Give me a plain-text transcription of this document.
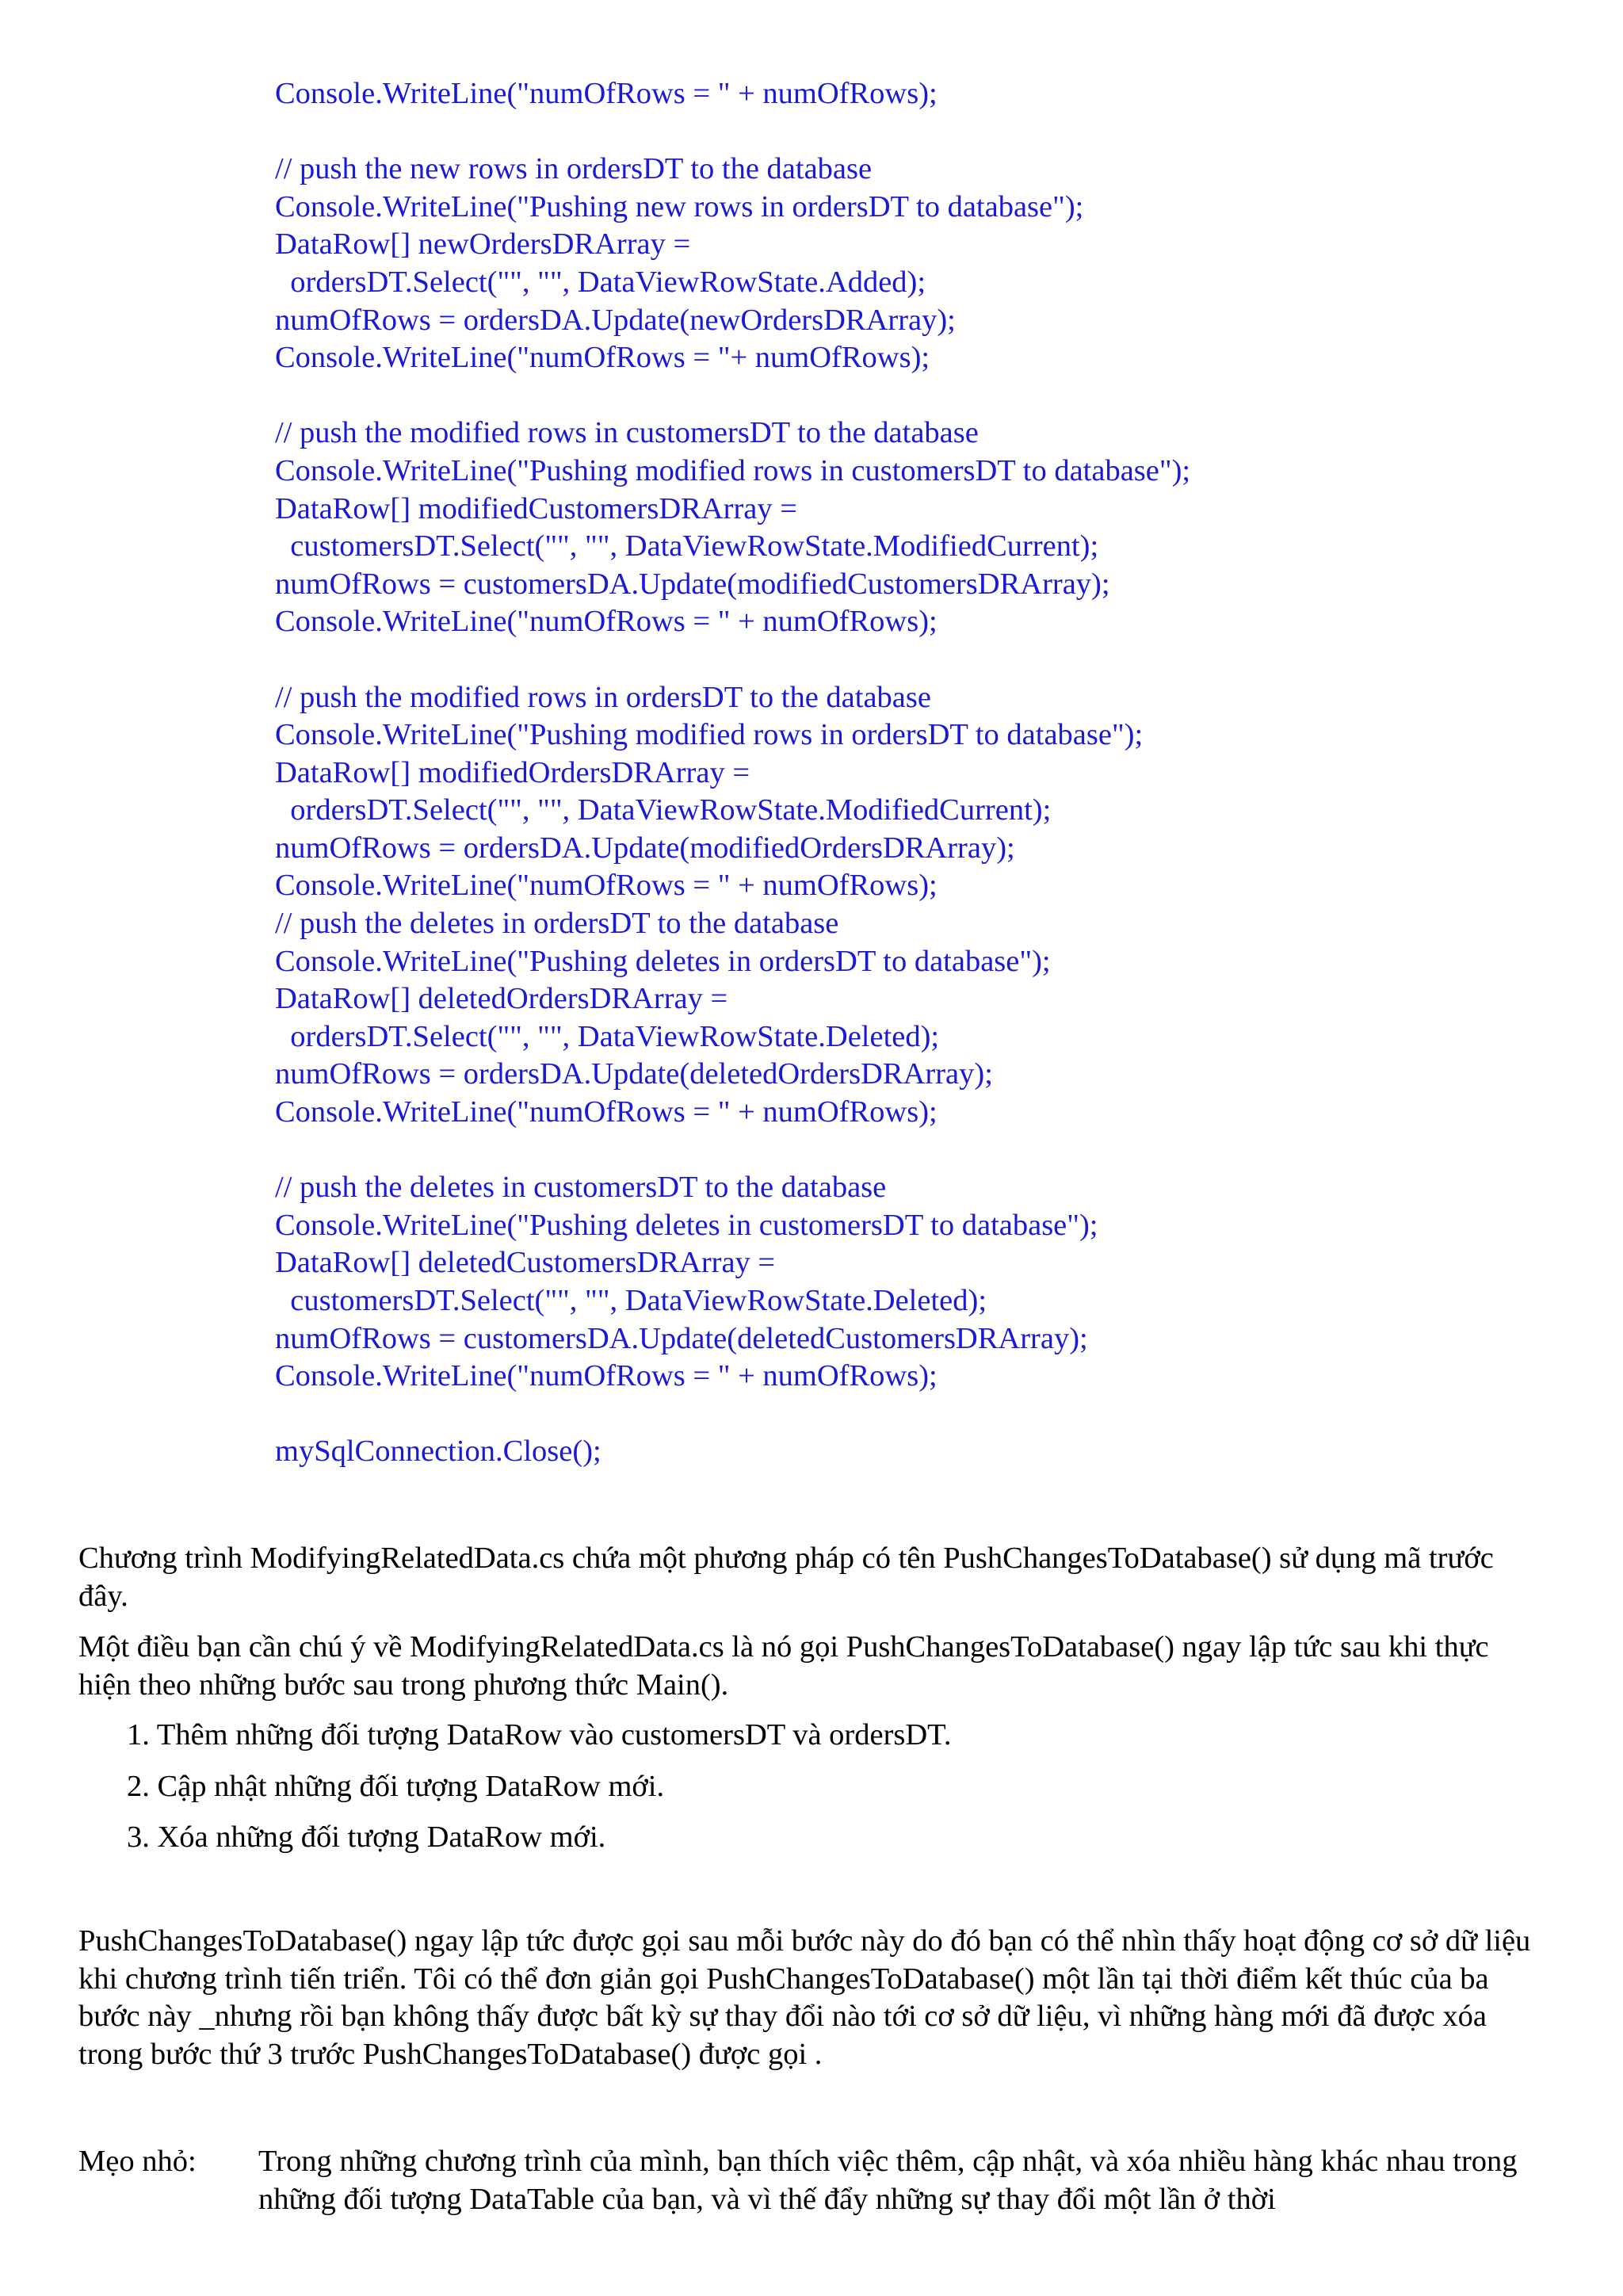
Console.WriteLine("numOfRows = " + numOfRows);
// push the new rows in ordersDT to the database
Console.WriteLine("Pushing new rows in ordersDT to database");
DataRow[] newOrdersDRArray =
ordersDT.Select("", "", DataViewRowState.Added);
numOfRows = ordersDA.Update(newOrdersDRArray);
Console.WriteLine("numOfRows = "+ numOfRows);
// push the modified rows in customersDT to the database
Console.WriteLine("Pushing modified rows in customersDT to database");
DataRow[] modifiedCustomersDRArray =
customersDT.Select("", "", DataViewRowState.ModifiedCurrent);
numOfRows = customersDA.Update(modifiedCustomersDRArray);
Console.WriteLine("numOfRows = " + numOfRows);
// push the modified rows in ordersDT to the database
Console.WriteLine("Pushing modified rows in ordersDT to database");
DataRow[] modifiedOrdersDRArray =
ordersDT.Select("", "", DataViewRowState.ModifiedCurrent);
numOfRows = ordersDA.Update(modifiedOrdersDRArray);
Console.WriteLine("numOfRows = " + numOfRows);
// push the deletes in ordersDT to the database
Console.WriteLine("Pushing deletes in ordersDT to database");
DataRow[] deletedOrdersDRArray =
ordersDT.Select("", "", DataViewRowState.Deleted);
numOfRows = ordersDA.Update(deletedOrdersDRArray);
Console.WriteLine("numOfRows = " + numOfRows);
// push the deletes in customersDT to the database
Console.WriteLine("Pushing deletes in customersDT to database");
DataRow[] deletedCustomersDRArray =
customersDT.Select("", "", DataViewRowState.Deleted);
numOfRows = customersDA.Update(deletedCustomersDRArray);
Console.WriteLine("numOfRows = " + numOfRows);
mySqlConnection.Close();
Chương trình ModifyingRelatedData.cs chứa một phương pháp có tên PushChangesToDatabase() sử dụng mã trước đây.
Một điều bạn cần chú ý về ModifyingRelatedData.cs là nó gọi PushChangesToDatabase() ngay lập tức sau khi thực hiện theo những bước sau trong phương thức Main().
1. Thêm những đối tượng DataRow vào customersDT và ordersDT.
2. Cập nhật những đối tượng DataRow mới.
3. Xóa những đối tượng DataRow mới.
PushChangesToDatabase() ngay lập tức được gọi sau mỗi bước này do đó bạn có thể nhìn thấy hoạt động cơ sở dữ liệu khi chương trình tiến triển. Tôi có thể đơn giản gọi PushChangesToDatabase() một lần tại thời điểm kết thúc của ba bước này _nhưng rồi bạn không thấy được bất kỳ sự thay đổi nào tới cơ sở dữ liệu, vì những hàng mới đã được xóa trong bước thứ 3 trước PushChangesToDatabase() được gọi .
Mẹo nhỏ: Trong những chương trình của mình, bạn thích việc thêm, cập nhật, và xóa nhiều hàng khác nhau trong những đối tượng DataTable của bạn, và vì thế đẩy những sự thay đổi một lần ở thời
